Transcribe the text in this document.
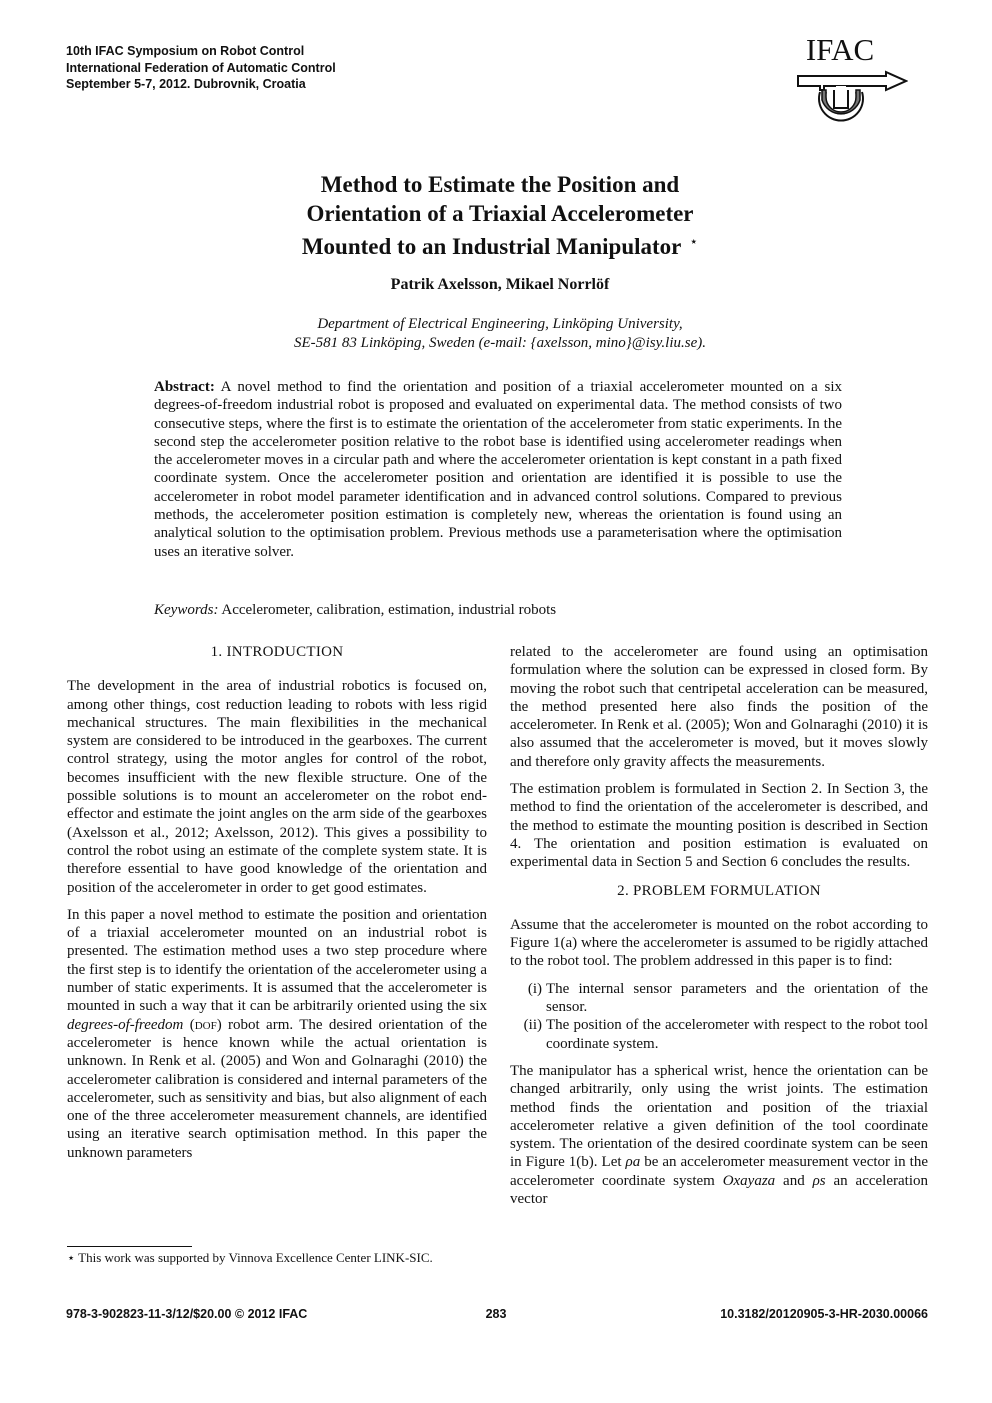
10th IFAC Symposium on Robot Control
International Federation of Automatic Control
September 5-7, 2012. Dubrovnik, Croatia
IFAC
Method to Estimate the Position and
Orientation of a Triaxial Accelerometer
Mounted to an Industrial Manipulator ⋆
Patrik Axelsson, Mikael Norrlöf
Department of Electrical Engineering, Linköping University,
SE-581 83 Linköping, Sweden (e-mail: {axelsson, mino}@isy.liu.se).
Abstract: A novel method to find the orientation and position of a triaxial accelerometer mounted on a six degrees-of-freedom industrial robot is proposed and evaluated on experimental data. The method consists of two consecutive steps, where the first is to estimate the orientation of the accelerometer from static experiments. In the second step the accelerometer position relative to the robot base is identified using accelerometer readings when the accelerometer moves in a circular path and where the accelerometer orientation is kept constant in a path fixed coordinate system. Once the accelerometer position and orientation are identified it is possible to use the accelerometer in robot model parameter identification and in advanced control solutions. Compared to previous methods, the accelerometer position estimation is completely new, whereas the orientation is found using an analytical solution to the optimisation problem. Previous methods use a parameterisation where the optimisation uses an iterative solver.
Keywords: Accelerometer, calibration, estimation, industrial robots
1. INTRODUCTION

The development in the area of industrial robotics is focused on, among other things, cost reduction leading to robots with less rigid mechanical structures. The main flexibilities in the mechanical system are considered to be introduced in the gearboxes. The current control strategy, using the motor angles for control of the robot, becomes insufficient with the new flexible structure. One of the possible solutions is to mount an accelerometer on the robot end-effector and estimate the joint angles on the arm side of the gearboxes (Axelsson et al., 2012; Axelsson, 2012). This gives a possibility to control the robot using an estimate of the complete system state. It is therefore essential to have good knowledge of the orientation and position of the accelerometer in order to get good estimates.

In this paper a novel method to estimate the position and orientation of a triaxial accelerometer mounted on an industrial robot is presented. The estimation method uses a two step procedure where the first step is to identify the orientation of the accelerometer using a number of static experiments. It is assumed that the accelerometer is mounted in such a way that it can be arbitrarily oriented using the six degrees-of-freedom (dof) robot arm. The desired orientation of the accelerometer is hence known while the actual orientation is unknown. In Renk et al. (2005) and Won and Golnaraghi (2010) the accelerometer calibration is considered and internal parameters of the accelerometer, such as sensitivity and bias, but also alignment of each one of the three accelerometer measurement channels, are identified using an iterative search optimisation method. In this paper the unknown parameters

⋆ This work was supported by Vinnova Excellence Center LINK-SIC.

related to the accelerometer are found using an optimisation formulation where the solution can be expressed in closed form. By moving the robot such that centripetal acceleration can be measured, the method presented here also finds the position of the accelerometer. In Renk et al. (2005); Won and Golnaraghi (2010) it is also assumed that the accelerometer is moved, but it moves slowly and therefore only gravity affects the measurements.

The estimation problem is formulated in Section 2. In Section 3, the method to find the orientation of the accelerometer is described, and the method to estimate the mounting position is described in Section 4. The orientation and position estimation is evaluated on experimental data in Section 5 and Section 6 concludes the results.

2. PROBLEM FORMULATION

Assume that the accelerometer is mounted on the robot according to Figure 1(a) where the accelerometer is assumed to be rigidly attached to the robot tool. The problem addressed in this paper is to find:

(i) The internal sensor parameters and the orientation of the sensor.
(ii) The position of the accelerometer with respect to the robot tool coordinate system.

The manipulator has a spherical wrist, hence the orientation can be changed arbitrarily, only using the wrist joints. The estimation method finds the orientation and position of the triaxial accelerometer relative a given definition of the tool coordinate system. The orientation of the desired coordinate system can be seen in Figure 1(b). Let ρa be an accelerometer measurement vector in the accelerometer coordinate system Oxayaza and ρs an acceleration vector

978-3-902823-11-3/12/$20.00 © 2012 IFAC	283	10.3182/20120905-3-HR-2030.00066
